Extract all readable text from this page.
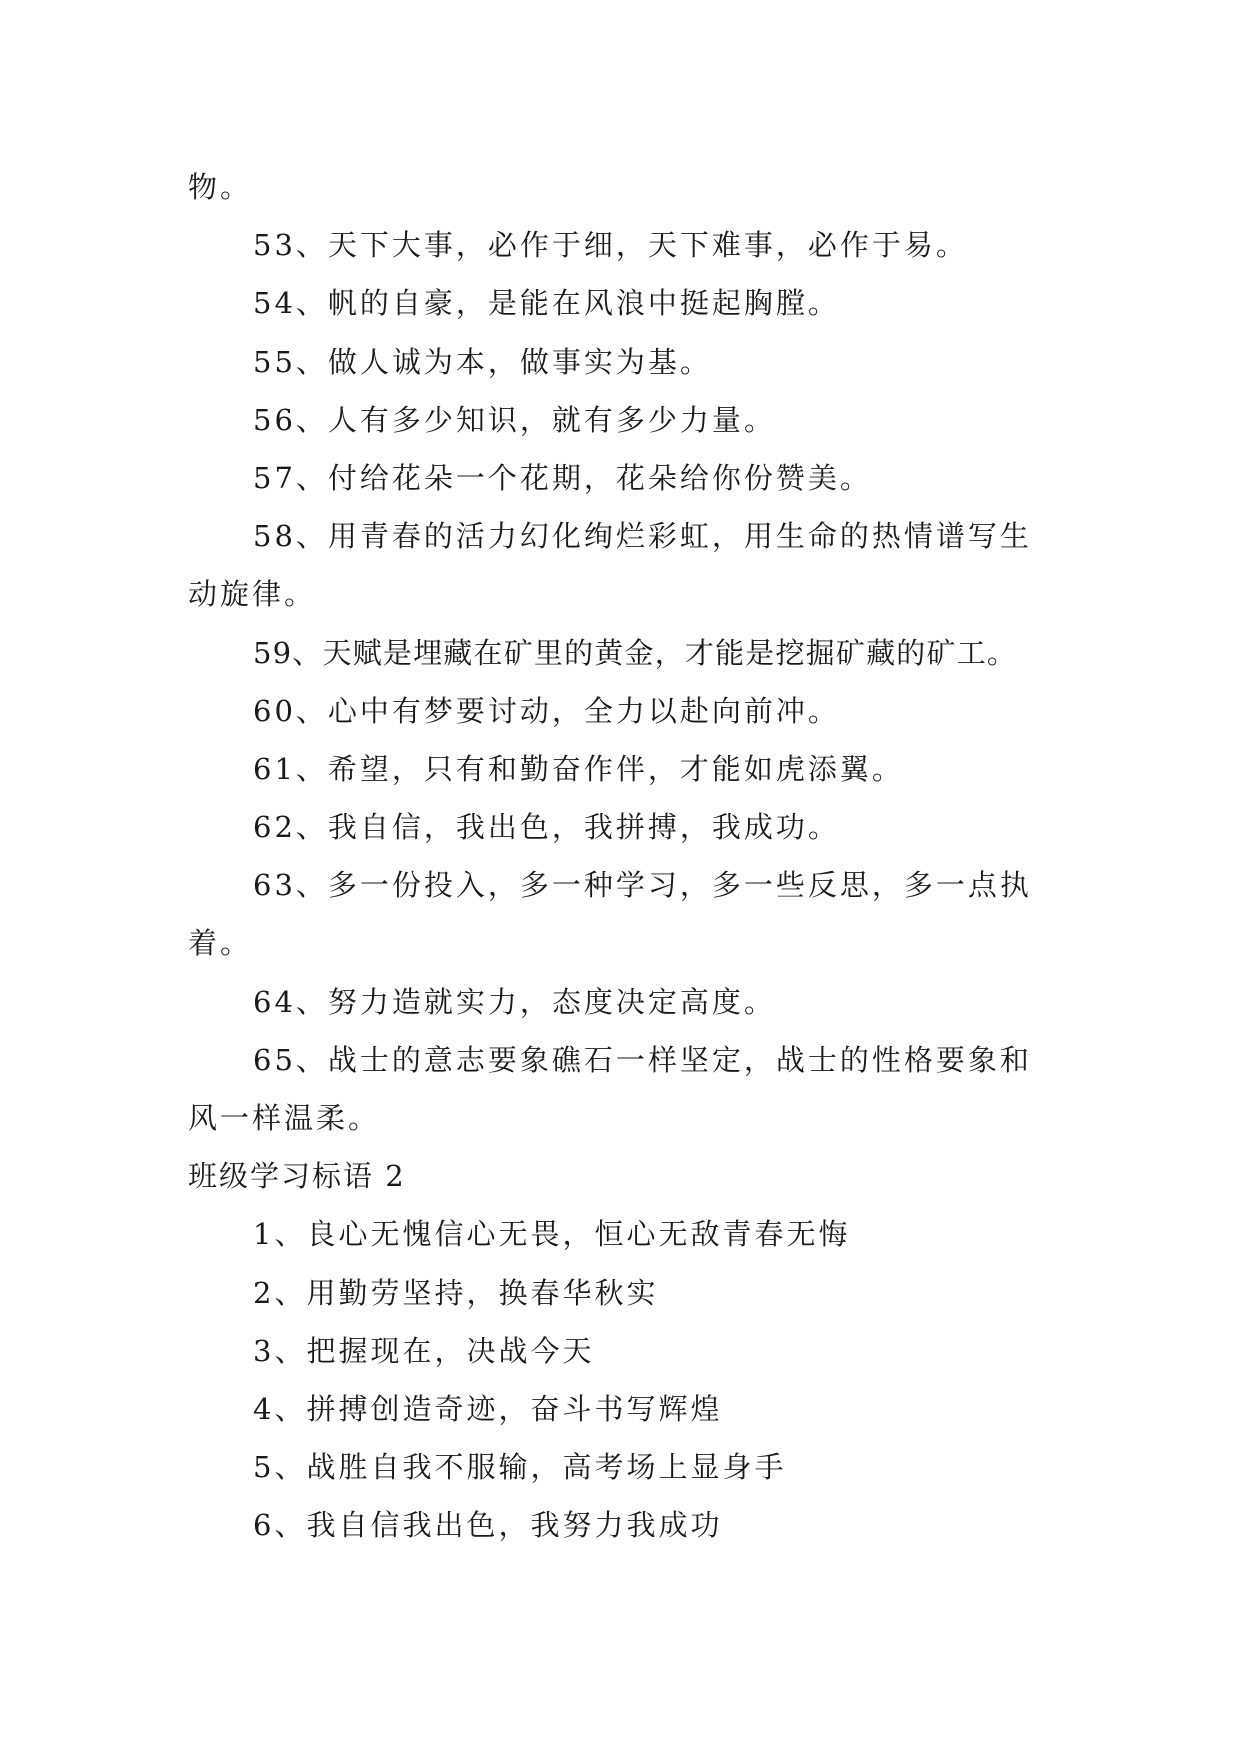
物。
53、天下大事，必作于细，天下难事，必作于易。
54、帆的自豪，是能在风浪中挺起胸膛。
55、做人诚为本，做事实为基。
56、人有多少知识，就有多少力量。
57、付给花朵一个花期，花朵给你份赞美。
58、用青春的活力幻化绚烂彩虹，用生命的热情谱写生
动旋律。
59、天赋是埋藏在矿里的黄金，才能是挖掘矿藏的矿工。
60、心中有梦要讨动，全力以赴向前冲。
61、希望，只有和勤奋作伴，才能如虎添翼。
62、我自信，我出色，我拼搏，我成功。
63、多一份投入，多一种学习，多一些反思，多一点执
着。
64、努力造就实力，态度决定高度。
65、战士的意志要象礁石一样坚定，战士的性格要象和
风一样温柔。
班级学习标语 2
1、良心无愧信心无畏，恒心无敌青春无悔
2、用勤劳坚持，换春华秋实
3、把握现在，决战今天
4、拼搏创造奇迹，奋斗书写辉煌
5、战胜自我不服输，高考场上显身手
6、我自信我出色，我努力我成功
